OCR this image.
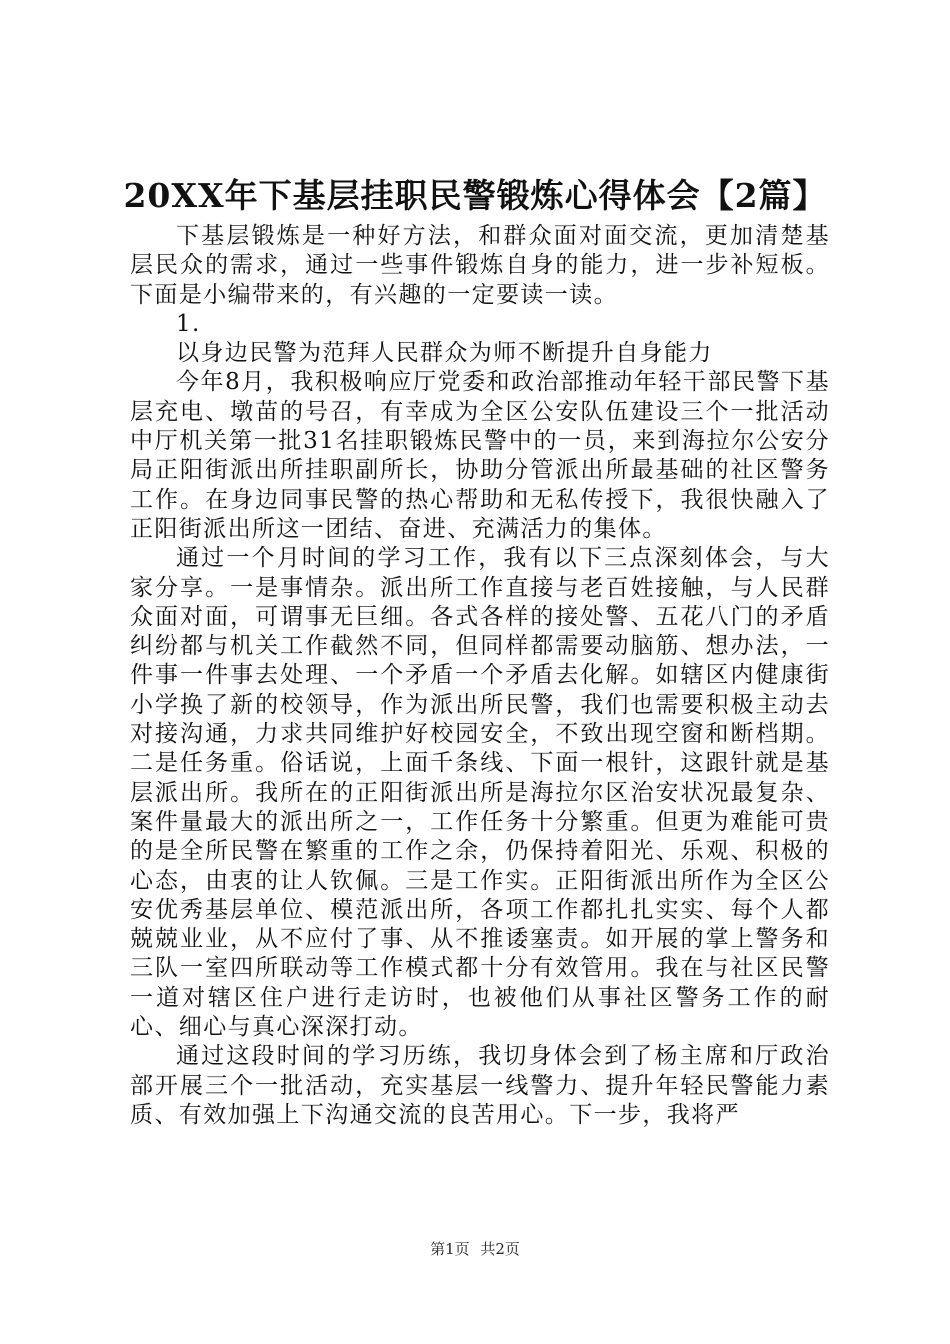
20XX年下基层挂职民警锻炼心得体会【2篇】

下基层锻炼是一种好方法，和群众面对面交流，更加清楚基层民众的需求，通过一些事件锻炼自身的能力，进一步补短板。下面是小编带来的，有兴趣的一定要读一读。

1.

以身边民警为范拜人民群众为师不断提升自身能力

今年8月，我积极响应厅党委和政治部推动年轻干部民警下基层充电、墩苗的号召，有幸成为全区公安队伍建设三个一批活动中厅机关第一批31名挂职锻炼民警中的一员，来到海拉尔公安分局正阳街派出所挂职副所长，协助分管派出所最基础的社区警务工作。在身边同事民警的热心帮助和无私传授下，我很快融入了正阳街派出所这一团结、奋进、充满活力的集体。

通过一个月时间的学习工作，我有以下三点深刻体会，与大家分享。一是事情杂。派出所工作直接与老百姓接触，与人民群众面对面，可谓事无巨细。各式各样的接处警、五花八门的矛盾纠纷都与机关工作截然不同，但同样都需要动脑筋、想办法，一件事一件事去处理、一个矛盾一个矛盾去化解。如辖区内健康街小学换了新的校领导，作为派出所民警，我们也需要积极主动去对接沟通，力求共同维护好校园安全，不致出现空窗和断档期。二是任务重。俗话说，上面千条线、下面一根针，这跟针就是基层派出所。我所在的正阳街派出所是海拉尔区治安状况最复杂、案件量最大的派出所之一，工作任务十分繁重。但更为难能可贵的是全所民警在繁重的工作之余，仍保持着阳光、乐观、积极的心态，由衷的让人钦佩。三是工作实。正阳街派出所作为全区公安优秀基层单位、模范派出所，各项工作都扎扎实实、每个人都兢兢业业，从不应付了事、从不推诿塞责。如开展的掌上警务和三队一室四所联动等工作模式都十分有效管用。我在与社区民警一道对辖区住户进行走访时，也被他们从事社区警务工作的耐心、细心与真心深深打动。

通过这段时间的学习历练，我切身体会到了杨主席和厅政治部开展三个一批活动，充实基层一线警力、提升年轻民警能力素质、有效加强上下沟通交流的良苦用心。下一步，我将严

第1页 共2页
